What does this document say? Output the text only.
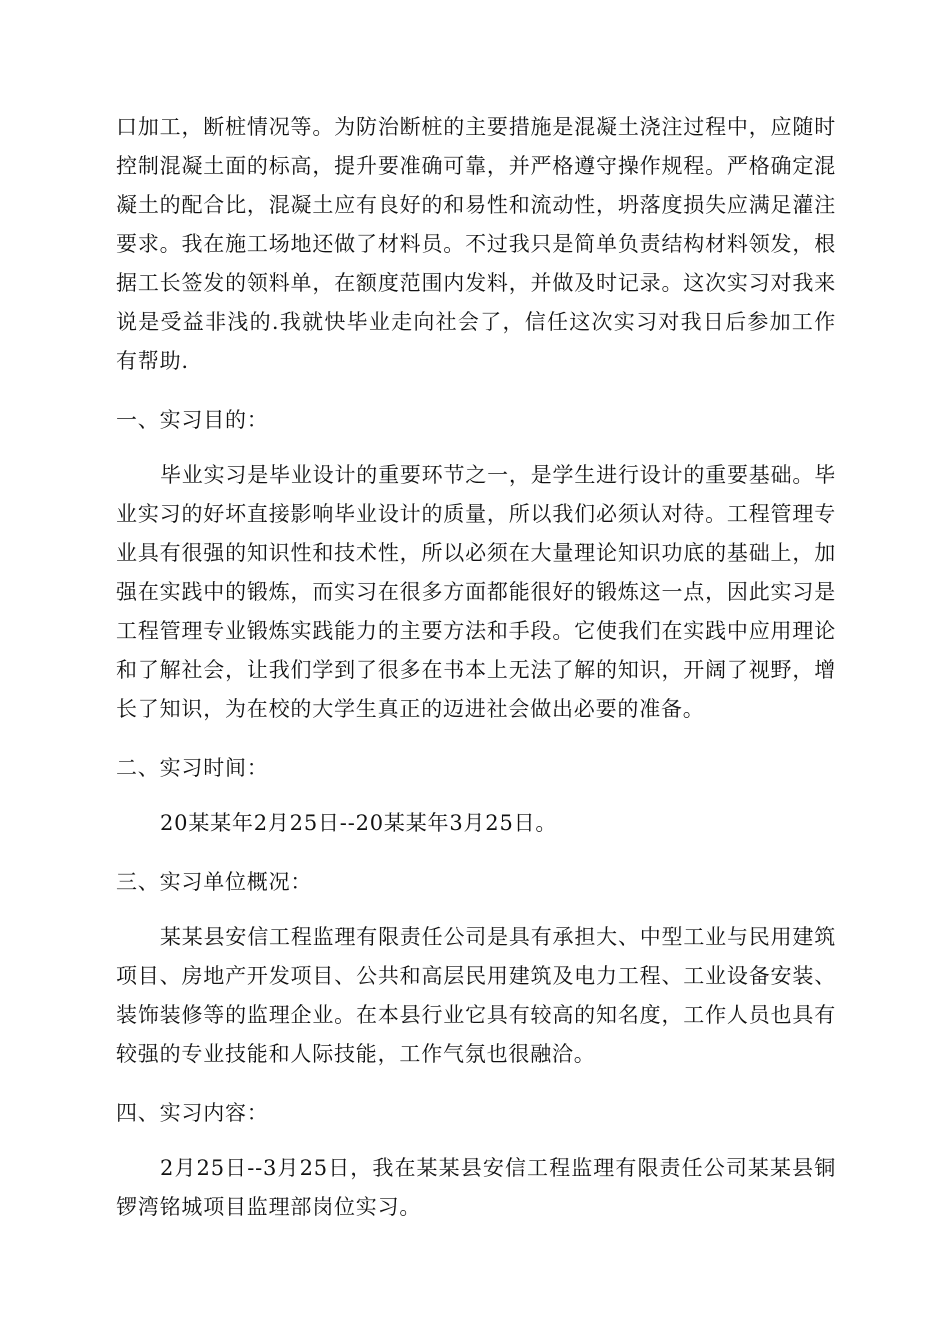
口加工，断桩情况等。为防治断桩的主要措施是混凝土浇注过程中，应随时控制混凝土面的标高，提升要准确可靠，并严格遵守操作规程。严格确定混凝土的配合比，混凝土应有良好的和易性和流动性，坍落度损失应满足灌注要求。我在施工场地还做了材料员。不过我只是简单负责结构材料领发，根据工长签发的领料单，在额度范围内发料，并做及时记录。这次实习对我来说是受益非浅的.我就快毕业走向社会了，信任这次实习对我日后参加工作有帮助.

一、实习目的：

毕业实习是毕业设计的重要环节之一，是学生进行设计的重要基础。毕业实习的好坏直接影响毕业设计的质量，所以我们必须认对待。工程管理专业具有很强的知识性和技术性，所以必须在大量理论知识功底的基础上，加强在实践中的锻炼，而实习在很多方面都能很好的锻炼这一点，因此实习是工程管理专业锻炼实践能力的主要方法和手段。它使我们在实践中应用理论和了解社会，让我们学到了很多在书本上无法了解的知识，开阔了视野，增长了知识，为在校的大学生真正的迈进社会做出必要的准备。

二、实习时间：

20某某年2月25日--20某某年3月25日。

三、实习单位概况：

某某县安信工程监理有限责任公司是具有承担大、中型工业与民用建筑项目、房地产开发项目、公共和高层民用建筑及电力工程、工业设备安装、装饰装修等的监理企业。在本县行业它具有较高的知名度，工作人员也具有较强的专业技能和人际技能，工作气氛也很融洽。

四、实习内容：

2月25日--3月25日，我在某某县安信工程监理有限责任公司某某县铜锣湾铭城项目监理部岗位实习。
